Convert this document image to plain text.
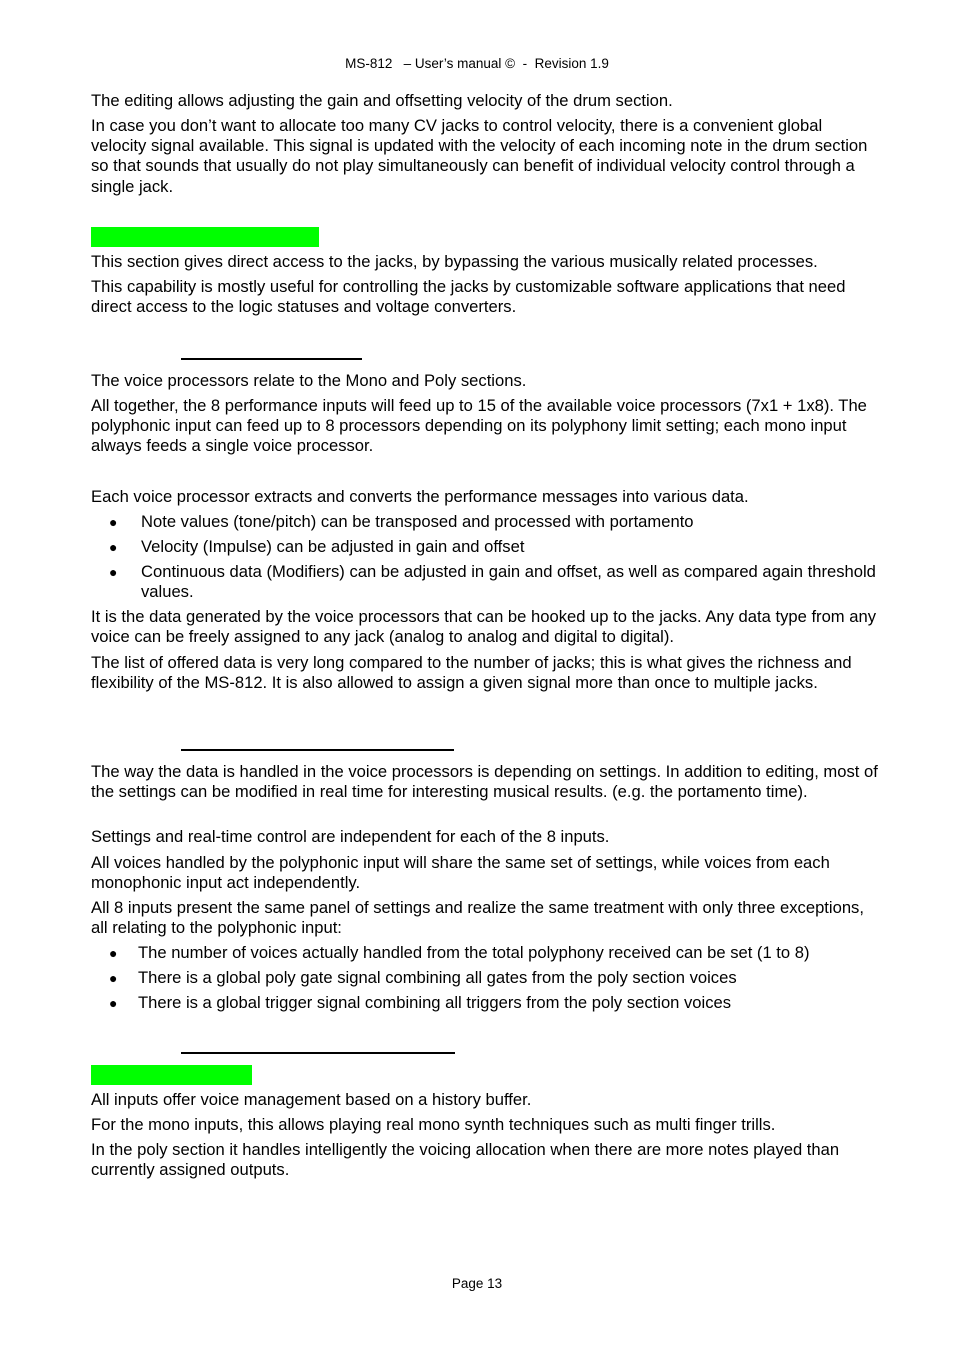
MS-812   – User’s manual ©  -  Revision 1.9
The editing allows adjusting the gain and offsetting velocity of the drum section.
In case you don’t want to allocate too many CV jacks to control velocity, there is a convenient global velocity signal available. This signal is updated with the velocity of each incoming note in the drum section so that sounds that usually do not play simultaneously can benefit of individual velocity control through a single jack.
This section gives direct access to the jacks, by bypassing the various musically related processes.
This capability is mostly useful for controlling the jacks by customizable software applications that need direct access to the logic statuses and voltage converters.
The voice processors relate to the Mono and Poly sections.
All together, the 8 performance inputs will feed up to 15 of the available voice processors (7x1 + 1x8). The polyphonic input can feed up to 8 processors depending on its polyphony limit setting; each mono input always feeds a single voice processor.
Each voice processor extracts and converts the performance messages into various data.
● Note values (tone/pitch) can be transposed and processed with portamento
● Velocity (Impulse) can be adjusted in gain and offset
● Continuous data (Modifiers) can be adjusted in gain and offset, as well as compared again threshold values.
It is the data generated by the voice processors that can be hooked up to the jacks. Any data type from any voice can be freely assigned to any jack (analog to analog and digital to digital).
The list of offered data is very long compared to the number of jacks; this is what gives the richness and flexibility of the MS-812. It is also allowed to assign a given signal more than once to multiple jacks.
The way the data is handled in the voice processors is depending on settings. In addition to editing, most of the settings can be modified in real time for interesting musical results. (e.g. the portamento time).
Settings and real-time control are independent for each of the 8 inputs.
All voices handled by the polyphonic input will share the same set of settings, while voices from each monophonic input act independently.
All 8 inputs present the same panel of settings and realize the same treatment with only three exceptions, all relating to the polyphonic input:
● The number of voices actually handled from the total polyphony received can be set (1 to 8)
● There is a global poly gate signal combining all gates from the poly section voices
● There is a global trigger signal combining all triggers from the poly section voices
All inputs offer voice management based on a history buffer.
For the mono inputs, this allows playing real mono synth techniques such as multi finger trills.
In the poly section it handles intelligently the voicing allocation when there are more notes played than currently assigned outputs.
Page 13
